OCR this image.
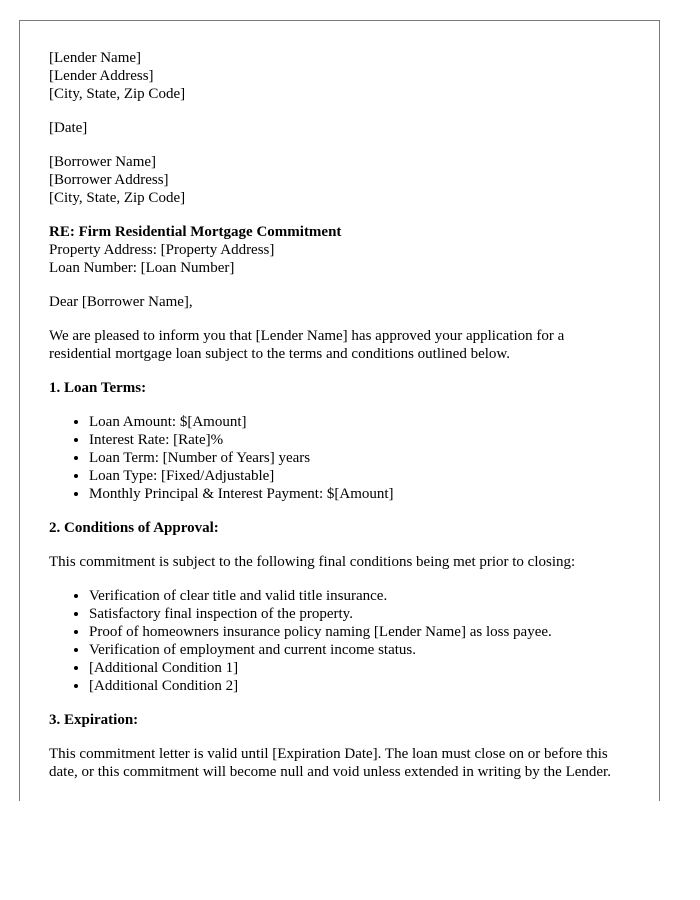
[Lender Name]
[Lender Address]
[City, State, Zip Code]
[Date]
[Borrower Name]
[Borrower Address]
[City, State, Zip Code]
RE: Firm Residential Mortgage Commitment
Property Address: [Property Address]
Loan Number: [Loan Number]

Dear [Borrower Name],

We are pleased to inform you that [Lender Name] has approved your application for a residential mortgage loan subject to the terms and conditions outlined below.

1. Loan Terms:

• Loan Amount: $[Amount]
• Interest Rate: [Rate]%
• Loan Term: [Number of Years] years
• Loan Type: [Fixed/Adjustable]
• Monthly Principal & Interest Payment: $[Amount]

2. Conditions of Approval:

This commitment is subject to the following final conditions being met prior to closing:

• Verification of clear title and valid title insurance.
• Satisfactory final inspection of the property.
• Proof of homeowners insurance policy naming [Lender Name] as loss payee.
• Verification of employment and current income status.
• [Additional Condition 1]
• [Additional Condition 2]

3. Expiration:

This commitment letter is valid until [Expiration Date]. The loan must close on or before this date, or this commitment will become null and void unless extended in writing by the Lender.
